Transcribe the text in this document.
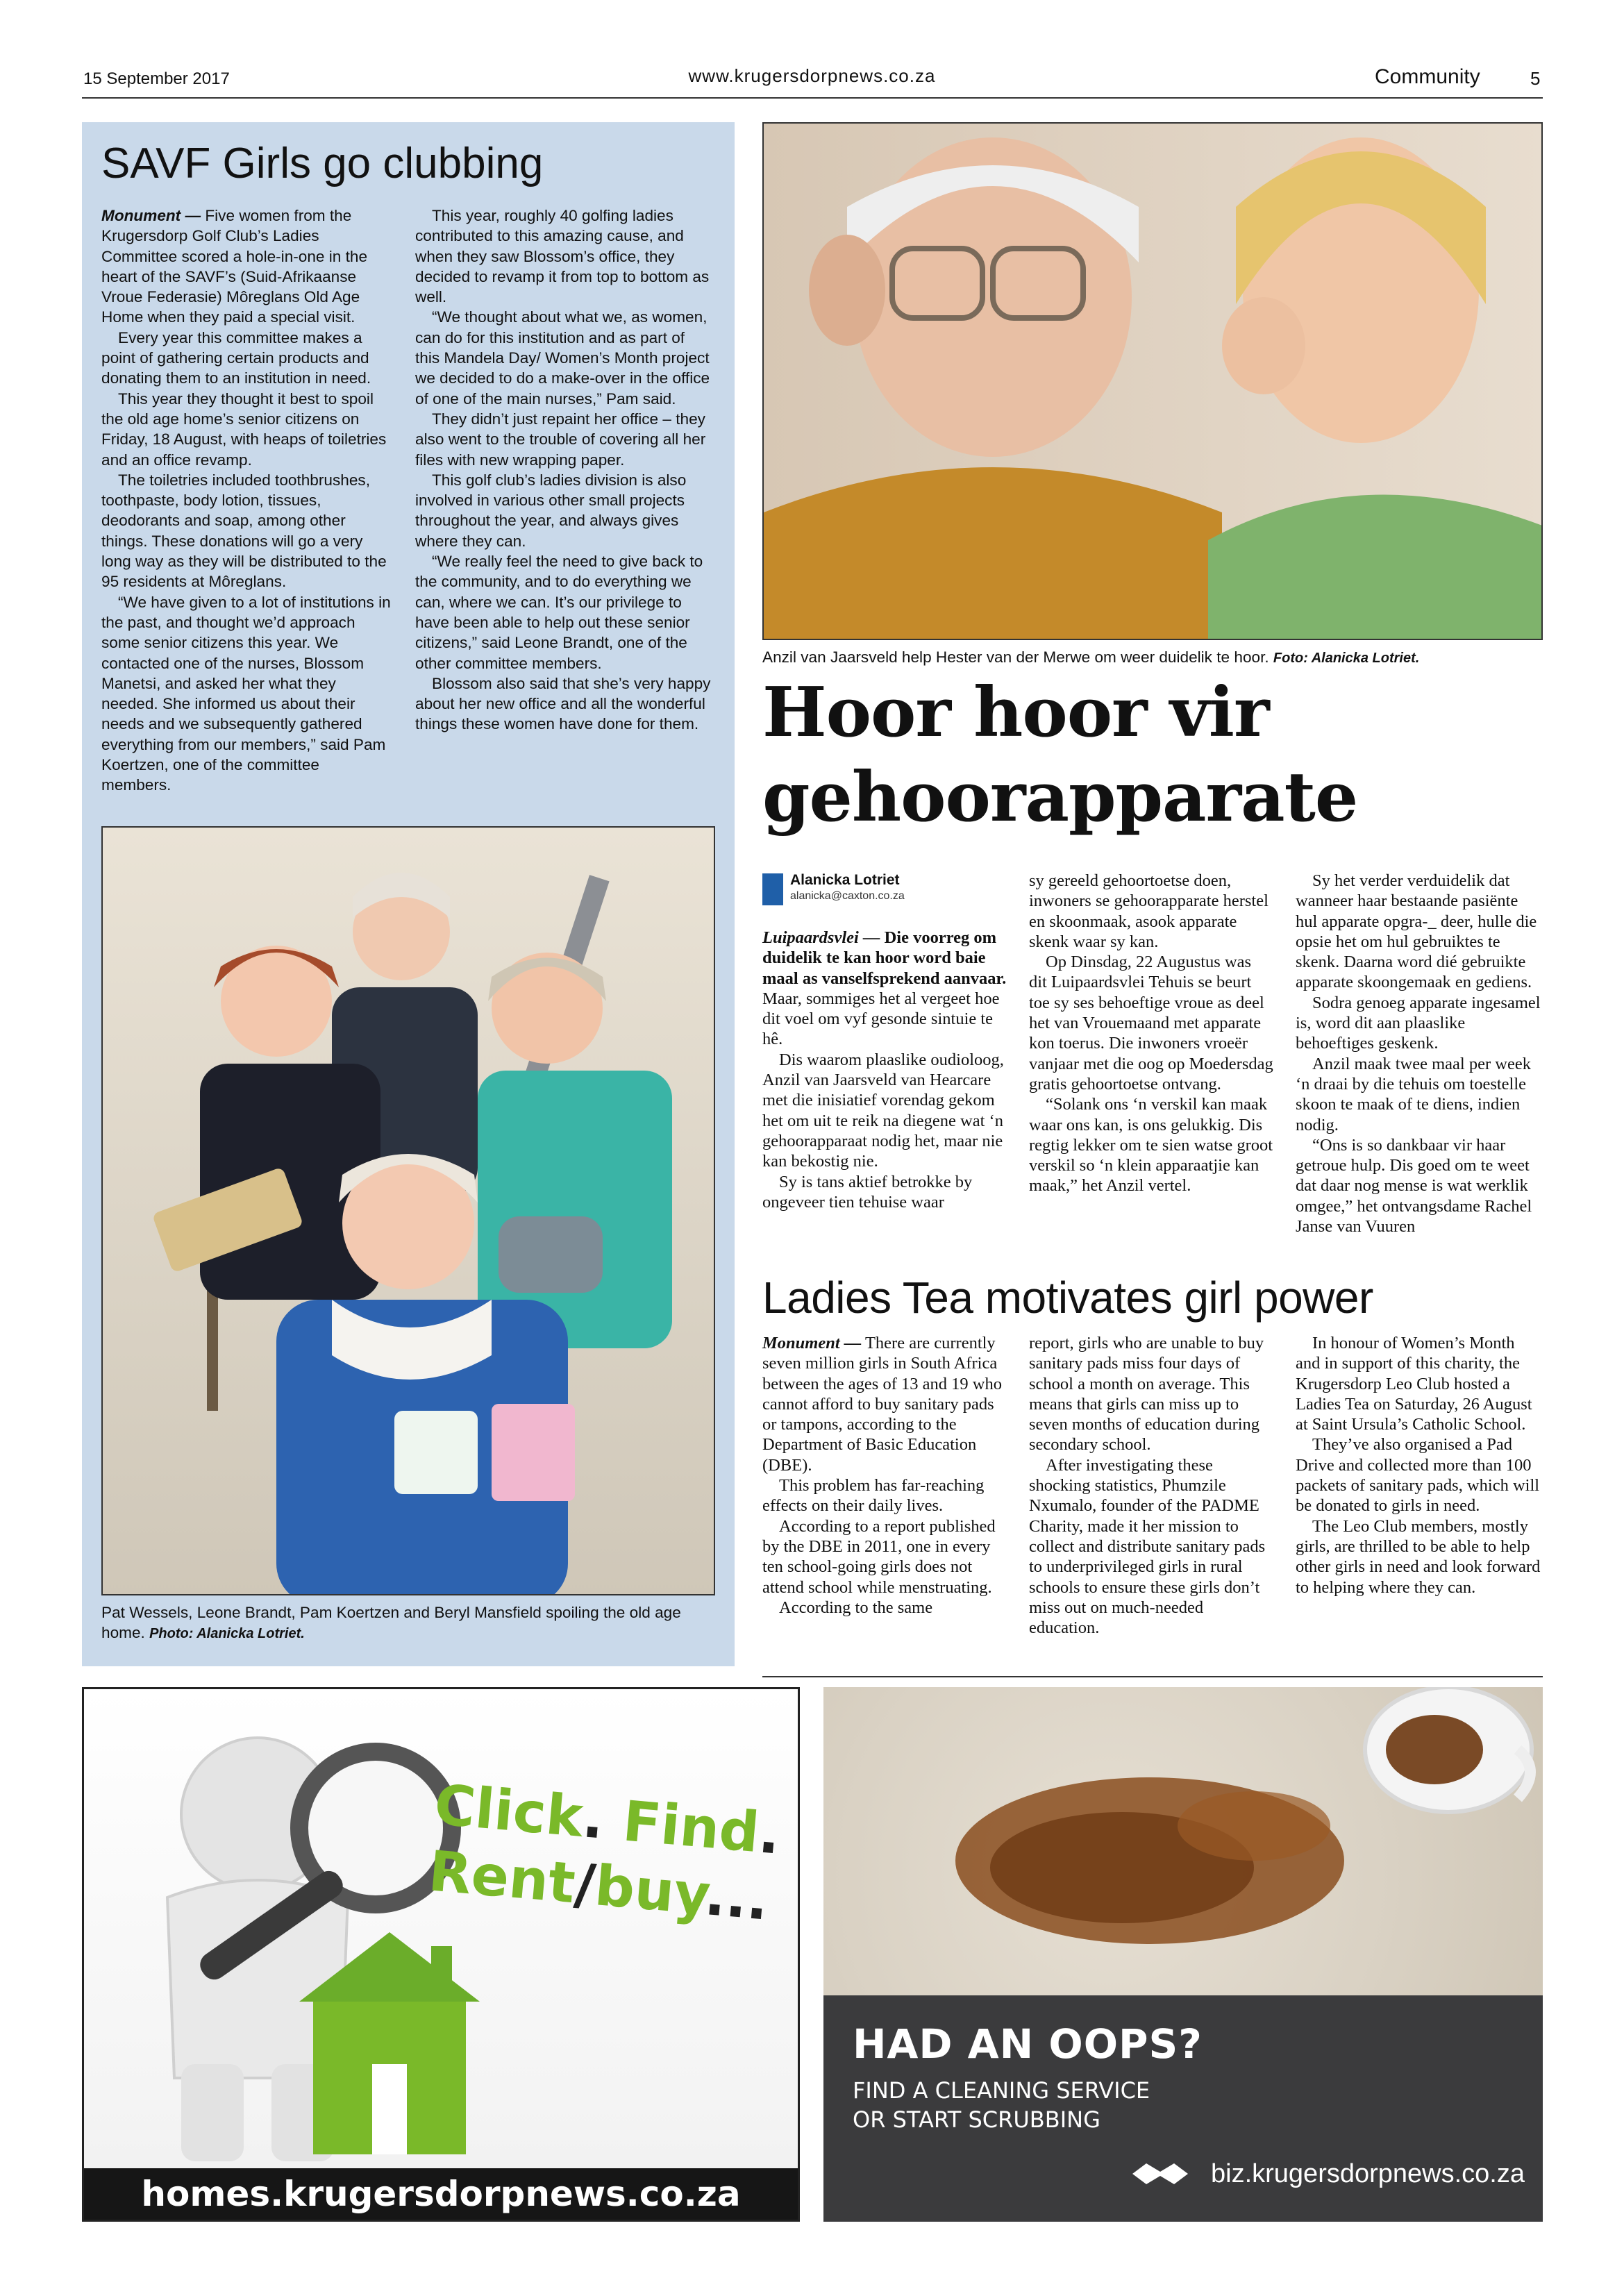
15 September 2017	www.krugersdorpnews.co.za	Community	5
SAVF Girls go clubbing

Monument — Five women from the Krugersdorp Golf Club’s Ladies Committee scored a hole-in-one in the heart of the SAVF’s (Suid-Afrikaanse Vroue Federasie) Môreglans Old Age Home when they paid a special visit.

Every year this committee makes a point of gathering certain products and donating them to an institution in need.

This year they thought it best to spoil the old age home’s senior citizens on Friday, 18 August, with heaps of toiletries and an office revamp.

The toiletries included toothbrushes, toothpaste, body lotion, tissues, deodorants and soap, among other things. These donations will go a very long way as they will be distributed to the 95 residents at Môreglans.

“We have given to a lot of institutions in the past, and thought we’d approach some senior citizens this year. We contacted one of the nurses, Blossom Manetsi, and asked her what they needed. She informed us about their needs and we subsequently gathered everything from our members,” said Pam Koertzen, one of the committee members.

This year, roughly 40 golfing ladies contributed to this amazing cause, and when they saw Blossom’s office, they decided to revamp it from top to bottom as well.

“We thought about what we, as women, can do for this institution and as part of this Mandela Day/ Women’s Month project we decided to do a make-over in the office of one of the main nurses,” Pam said.

They didn’t just repaint her office – they also went to the trouble of covering all her files with new wrapping paper.

This golf club’s ladies division is also involved in various other small projects throughout the year, and always gives where they can.

“We really feel the need to give back to the community, and to do everything we can, where we can. It’s our privilege to have been able to help out these senior citizens,” said Leone Brandt, one of the other committee members.

Blossom also said that she’s very happy about her new office and all the wonderful things these women have done for them.

Pat Wessels, Leone Brandt, Pam Koertzen and Beryl Mansfield spoiling the old age home. Photo: Alanicka Lotriet.
Anzil van Jaarsveld help Hester van der Merwe om weer duidelik te hoor. Foto: Alanicka Lotriet.
Hoor hoor vir
gehoorapparate
Alanicka Lotriet
alanicka@caxton.co.za

Luipaardsvlei — Die voorreg om duidelik te kan hoor word baie maal as vanselfsprekend aanvaar.

Maar, sommiges het al vergeet hoe dit voel om vyf gesonde sintuie te hê.

Dis waarom plaaslike oudioloog, Anzil van Jaarsveld van Hearcare met die inisiatief vorendag gekom het om uit te reik na diegene wat ‘n gehoorapparaat nodig het, maar nie kan bekostig nie.

Sy is tans aktief betrokke by ongeveer tien tehuise waar

sy gereeld gehoortoetse doen, inwoners se gehoorapparate herstel en skoonmaak, asook apparate skenk waar sy kan.

Op Dinsdag, 22 Augustus was dit Luipaardsvlei Tehuis se beurt toe sy ses behoeftige vroue as deel het van Vrouemaand met apparate kon toerus. Die inwoners vroeër vanjaar met die oog op Moedersdag gratis gehoortoetse ontvang.

“Solank ons ‘n verskil kan maak waar ons kan, is ons gelukkig. Dis regtig lekker om te sien watse groot verskil so ‘n klein apparaatjie kan maak,” het Anzil vertel.

Sy het verder verduidelik dat wanneer haar bestaande pasiënte hul apparate opgra-_ deer, hulle die opsie het om hul gebruiktes te skenk. Daarna word dié gebruikte apparate skoongemaak en gediens.

Sodra genoeg apparate ingesamel is, word dit aan plaaslike behoeftiges geskenk.

Anzil maak twee maal per week ‘n draai by die tehuis om toestelle skoon te maak of te diens, indien nodig.

“Ons is so dankbaar vir haar getroue hulp. Dis goed om te weet dat daar nog mense is wat werklik omgee,” het ontvangsdame Rachel Janse van Vuuren

Ladies Tea motivates girl power

Monument — There are currently seven million girls in South Africa between the ages of 13 and 19 who cannot afford to buy sanitary pads or tampons, according to the Department of Basic Education (DBE).

This problem has far-reaching effects on their daily lives.

According to a report published by the DBE in 2011, one in every ten school-going girls does not attend school while menstruating.

According to the same

report, girls who are unable to buy sanitary pads miss four days of school a month on average. This means that girls can miss up to seven months of education during secondary school.

After investigating these shocking statistics, Phumzile Nxumalo, founder of the PADME Charity, made it her mission to collect and distribute sanitary pads to underprivileged girls in rural schools to ensure these girls don’t miss out on much-needed education.

In honour of Women’s Month and in support of this charity, the Krugersdorp Leo Club hosted a Ladies Tea on Saturday, 26 August at Saint Ursula’s Catholic School.

They’ve also organised a Pad Drive and collected more than 100 packets of sanitary pads, which will be donated to girls in need.

The Leo Club members, mostly girls, are thrilled to be able to help other girls in need and look forward to helping where they can.

Click. Find.
Rent/buy...
homes.krugersdorpnews.co.za
HAD AN OOPS?
FIND A CLEANING SERVICE
OR START SCRUBBING
biz.krugersdorpnews.co.za
